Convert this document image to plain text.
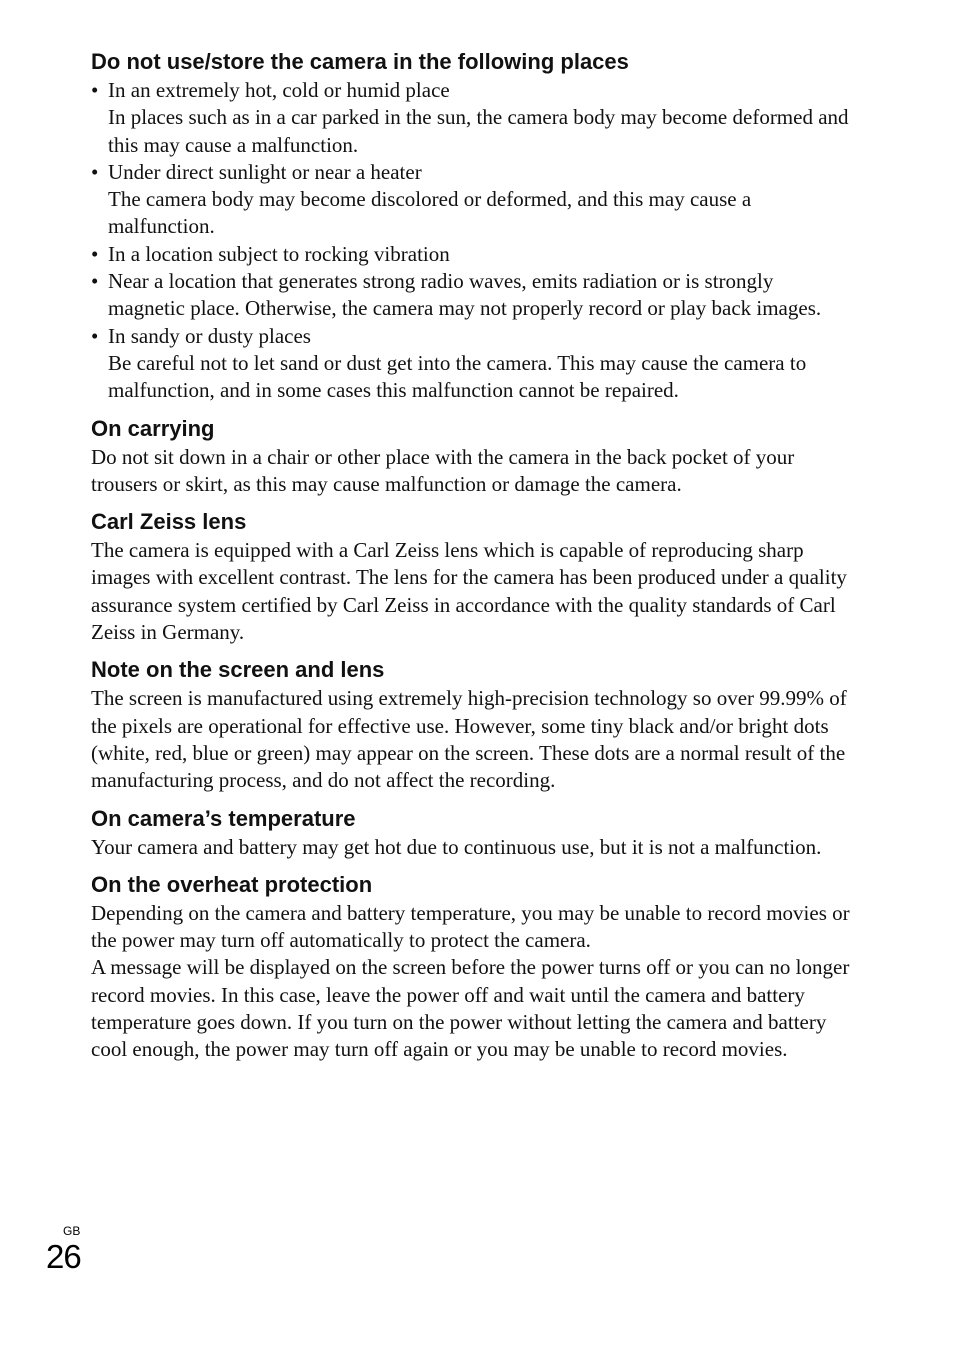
Do not use/store the camera in the following places
• In an extremely hot, cold or humid place
In places such as in a car parked in the sun, the camera body may become deformed and this may cause a malfunction.
• Under direct sunlight or near a heater
The camera body may become discolored or deformed, and this may cause a malfunction.
• In a location subject to rocking vibration
• Near a location that generates strong radio waves, emits radiation or is strongly magnetic place. Otherwise, the camera may not properly record or play back images.
• In sandy or dusty places
Be careful not to let sand or dust get into the camera. This may cause the camera to malfunction, and in some cases this malfunction cannot be repaired.
On carrying

Do not sit down in a chair or other place with the camera in the back pocket of your trousers or skirt, as this may cause malfunction or damage the camera.

Carl Zeiss lens

The camera is equipped with a Carl Zeiss lens which is capable of reproducing sharp images with excellent contrast. The lens for the camera has been produced under a quality assurance system certified by Carl Zeiss in accordance with the quality standards of Carl Zeiss in Germany.

Note on the screen and lens

The screen is manufactured using extremely high-precision technology so over 99.99% of the pixels are operational for effective use. However, some tiny black and/or bright dots (white, red, blue or green) may appear on the screen. These dots are a normal result of the manufacturing process, and do not affect the recording.

On camera’s temperature

Your camera and battery may get hot due to continuous use, but it is not a malfunction.

On the overheat protection

Depending on the camera and battery temperature, you may be unable to record movies or the power may turn off automatically to protect the camera.

A message will be displayed on the screen before the power turns off or you can no longer record movies. In this case, leave the power off and wait until the camera and battery temperature goes down. If you turn on the power without letting the camera and battery cool enough, the power may turn off again or you may be unable to record movies.

GB
26
